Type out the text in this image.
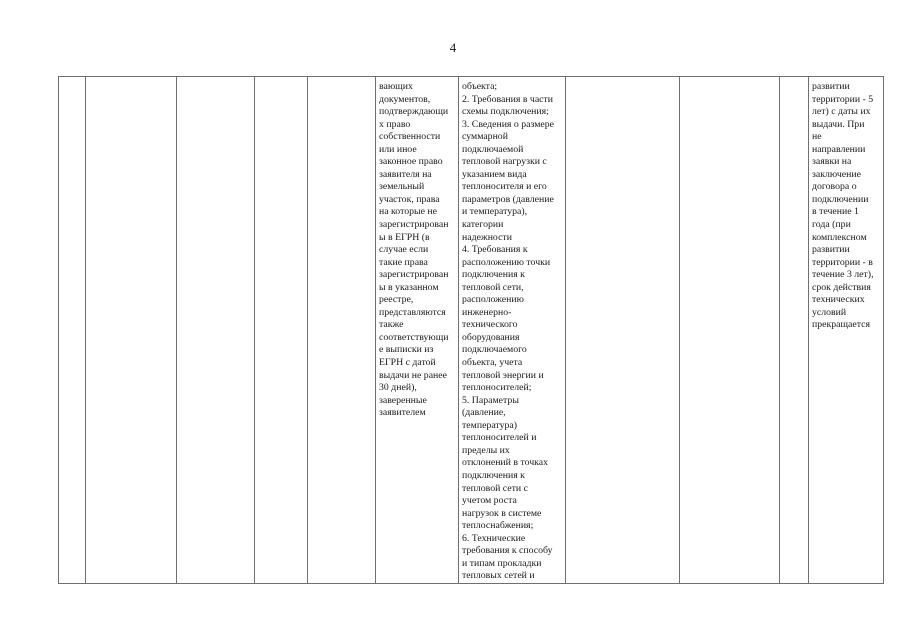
4
					вающих
документов,
подтверждающи
х право
собственности
или иное
законное право
заявителя на
земельный
участок, права
на которые не
зарегистрирован
ы в ЕГРН (в
случае если
такие права
зарегистрирован
ы в указанном
реестре,
представляются
также
соответствующи
е выписки из
ЕГРН с датой
выдачи не ранее
30 дней),
заверенные
заявителем	объекта;
2. Требования в части
схемы подключения;
3. Сведения о размере
суммарной
подключаемой
тепловой нагрузки с
указанием вида
теплоносителя и его
параметров (давление
и температура),
категории
надежности
4. Требования к
расположению точки
подключения к
тепловой сети,
расположению
инженерно-
технического
оборудования
подключаемого
объекта, учета
тепловой энергии и
теплоносителей;
5. Параметры
(давление,
температура)
теплоносителей и
пределы их
отклонений в точках
подключения к
тепловой сети с
учетом роста
нагрузок в системе
теплоснабжения;
6. Технические
требования к способу
и типам прокладки
тепловых сетей и				развитии
территории - 5
лет) с даты их
выдачи. При
не
направлении
заявки на
заключение
договора о
подключении
в течение 1
года (при
комплексном
развитии
территории - в
течение 3 лет),
срок действия
технических
условий
прекращается
